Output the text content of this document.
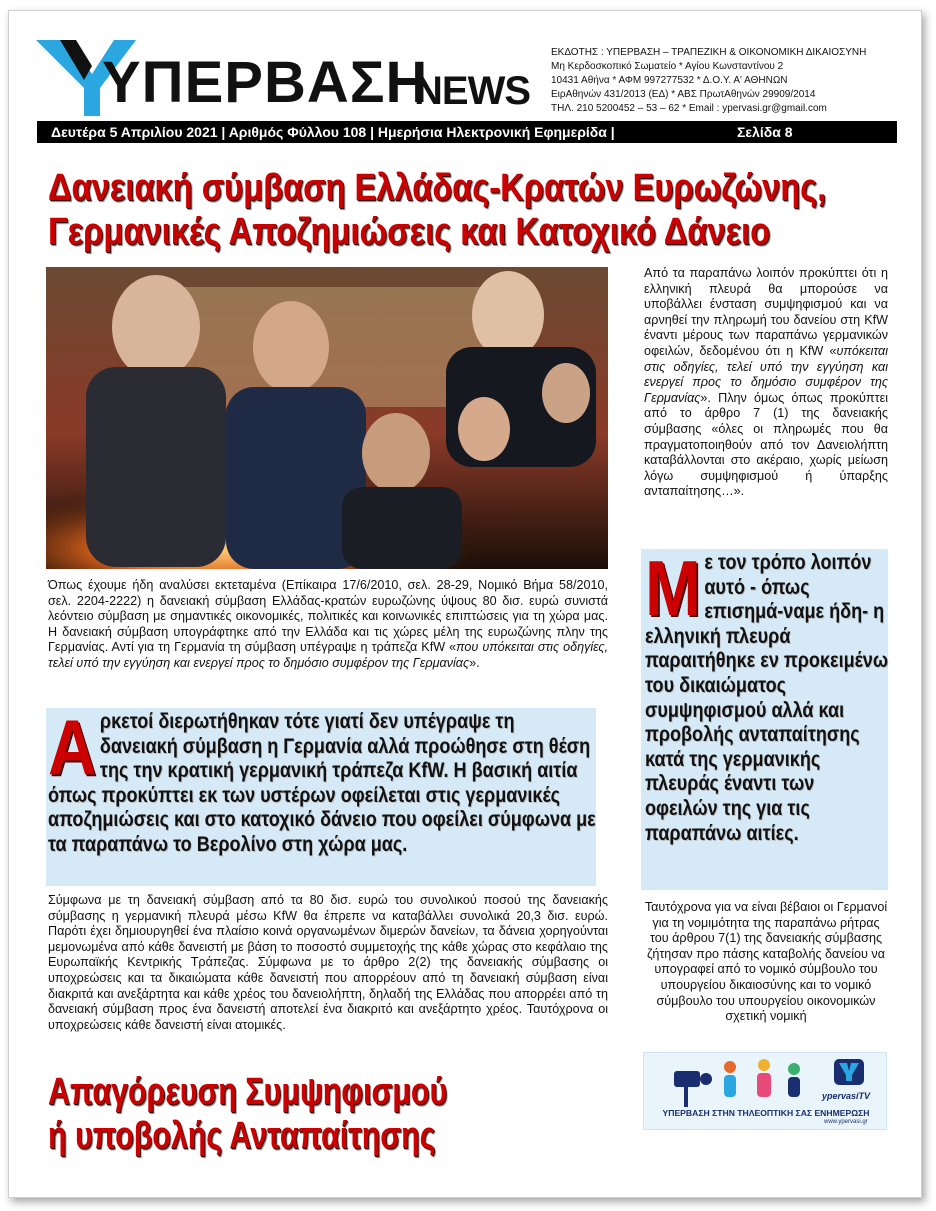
ΥΠΕΡΒΑΣΗ
NEWS
ΕΚΔΟΤΗΣ : ΥΠΕΡΒΑΣΗ – ΤΡΑΠΕΖΙΚΗ & ΟΙΚΟΝΟΜΙΚΗ ΔΙΚΑΙΟΣΥΝΗ
Μη Κερδοσκοπικό Σωματείο * Αγίου Κωνσταντίνου 2
10431 Αθήνα * ΑΦΜ 997277532 * Δ.Ο.Υ. Α' ΑΘΗΝΩΝ
ΕιρΑθηνών 431/2013 (ΕΔ) * ΑΒΣ ΠρωτΑθηνών 29909/2014
ΤΗΛ. 210 5200452 – 53 – 62 * Email : ypervasi.gr@gmail.com
Δευτέρα 5 Απριλίου 2021 | Αριθμός Φύλλου 108 | Ημερήσια Ηλεκτρονική Εφημερίδα |	Σελίδα 8
Δανειακή σύμβαση Ελλάδας-Κρατών Ευρωζώνης,
Γερμανικές Αποζημιώσεις και Κατοχικό Δάνειο
Όπως έχουμε ήδη αναλύσει εκτεταμένα (Επίκαιρα 17/6/2010, σελ. 28-29, Νομικό Βήμα 58/2010, σελ. 2204-2222) η δανειακή σύμβαση Ελλάδας-κρατών ευρωζώνης ύψους 80 δισ. ευρώ συνιστά λεόντειο σύμβαση με σημαντικές οικονομικές, πολιτικές και κοινωνικές επιπτώσεις για τη χώρα μας. Η δανειακή σύμβαση υπογράφτηκε από την Ελλάδα και τις χώρες μέλη της ευρωζώνης πλην της Γερμανίας. Αντί για τη Γερμανία τη σύμβαση υπέγραψε η τράπεζα KfW «που υπόκειται στις οδηγίες, τελεί υπό την εγγύηση και ενεργεί προς το δημόσιο συμφέρον της Γερμανίας».
Αρκετοί διερωτήθηκαν τότε γιατί δεν υπέγραψε τη δανειακή σύμβαση η Γερμανία αλλά προώθησε στη θέση της την κρατική γερμανική τράπεζα KfW. Η βασική αιτία όπως προκύπτει εκ των υστέρων οφείλεται στις γερμανικές αποζημιώσεις και στο κατοχικό δάνειο που οφείλει σύμφωνα με τα παραπάνω το Βερολίνο στη χώρα μας.
Σύμφωνα με τη δανειακή σύμβαση από τα 80 δισ. ευρώ του συνολικού ποσού της δανειακής σύμβασης η γερμανική πλευρά μέσω KfW θα έπρεπε να καταβάλλει συνολικά 20,3 δισ. ευρώ. Παρότι έχει δημιουργηθεί ένα πλαίσιο κοινά οργανωμένων διμερών δανείων, τα δάνεια χορηγούνται μεμονωμένα από κάθε δανειστή με βάση το ποσοστό συμμετοχής της κάθε χώρας στο κεφάλαιο της Ευρωπαϊκής Κεντρικής Τράπεζας. Σύμφωνα με το άρθρο 2(2) της δανειακής σύμβασης οι υποχρεώσεις και τα δικαιώματα κάθε δανειστή που απορρέουν από τη δανειακή σύμβαση είναι διακριτά και ανεξάρτητα και κάθε χρέος του δανειολήπτη, δηλαδή της Ελλάδας που απορρέει από τη δανειακή σύμβαση προς ένα δανειστή αποτελεί ένα διακριτό και ανεξάρτητο χρέος. Ταυτόχρονα οι υποχρεώσεις κάθε δανειστή είναι ατομικές.
Απαγόρευση Συμψηφισμού
ή υποβολής Ανταπαίτησης
Από τα παραπάνω λοιπόν προκύπτει ότι η ελληνική πλευρά θα μπορούσε να υποβάλλει ένσταση συμψηφισμού και να αρνηθεί την πληρωμή του δανείου στη KfW έναντι μέρους των παραπάνω γερμανικών οφειλών, δεδομένου ότι η KfW «υπόκειται στις οδηγίες, τελεί υπό την εγγύηση και ενεργεί προς το δημόσιο συμφέρον της Γερμανίας». Πλην όμως όπως προκύπτει από το άρθρο 7 (1) της δανειακής σύμβασης «όλες οι πληρωμές που θα πραγματοποιηθούν από τον Δανειολήπτη καταβάλλονται στο ακέραιο, χωρίς μείωση λόγω συμψηφισμού ή ύπαρξης ανταπαίτησης…».
Με τον τρόπο λοιπόν αυτό - όπως επισημά-ναμε ήδη- η ελληνική πλευρά παραιτήθηκε εν προκειμένω του δικαιώματος συμψηφισμού αλλά και προβολής ανταπαίτησης κατά της γερμανικής πλευράς έναντι των οφειλών της για τις παραπάνω αιτίες.
Ταυτόχρονα για να είναι βέβαιοι οι Γερμανοί για τη νομιμότητα της παραπάνω ρήτρας του άρθρου 7(1) της δανειακής σύμβασης ζήτησαν προ πάσης καταβολής δανείου να υπογραφεί από το νομικό σύμβουλο του υπουργείου δικαιοσύνης και το νομικό σύμβουλο του υπουργείου οικονομικών σχετική νομική
ypervasiTV
ΥΠΕΡΒΑΣΗ ΣΤΗΝ ΤΗΛΕΟΠΤΙΚΗ ΣΑΣ ΕΝΗΜΕΡΩΣΗ
www.ypervasi.gr
